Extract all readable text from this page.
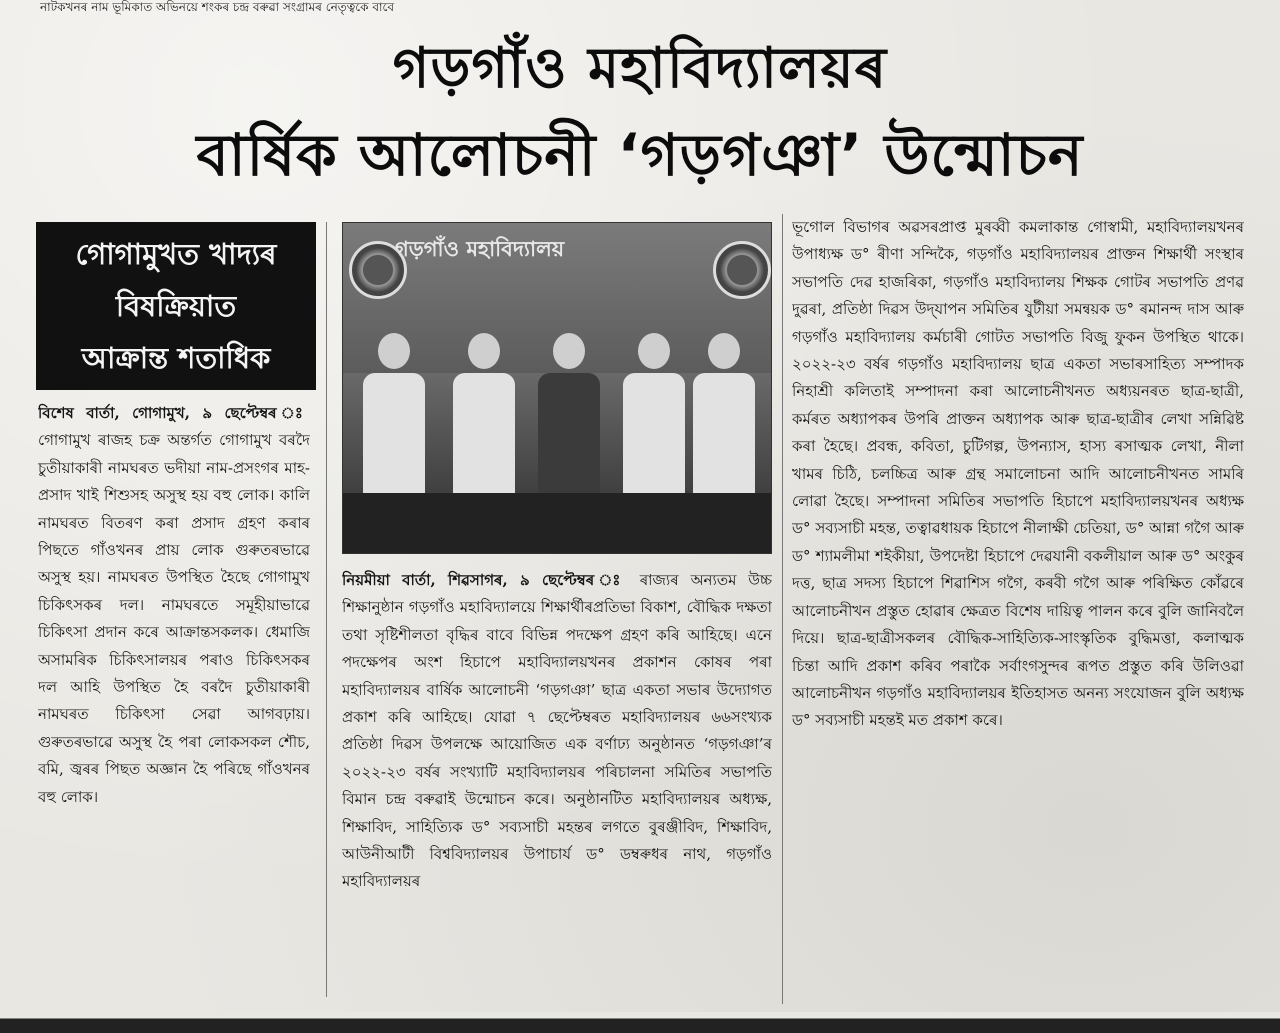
নাটকখনৰ নাম ভূমিকাত অভিনয়ে শংকৰ চন্দ্ৰ বৰুৱা সংগ্ৰামৰ নেতৃত্বকে বাবে
গড়গাঁও মহাবিদ্যালয়ৰ
বাৰ্ষিক আলোচনী ‘গড়গঞা’ উন্মোচন
গোগামুখত খাদ্যৰ
বিষক্ৰিয়াত
আক্ৰান্ত শতাধিক
বিশেষ বাৰ্তা, গোগামুখ, ৯ ছেপ্টেম্বৰ ঃ গোগামুখ ৰাজহ চক্ৰ অন্তৰ্গত গোগামুখ বৰদৈ চুতীয়াকাৰী নামঘৰত ভদীয়া নাম-প্ৰসংগৰ মাহ-প্ৰসাদ খাই শিশুসহ অসুস্থ হয় বহু লোক। কালি নামঘৰত বিতৰণ কৰা প্ৰসাদ গ্ৰহণ কৰাৰ পিছতে গাঁওখনৰ প্ৰায় লোক গুৰুতৰভাৱে অসুস্থ হয়। নামঘৰত উপস্থিত হৈছে গোগামুখ চিকিৎসকৰ দল। নামঘৰতে সমূহীয়াভাৱে চিকিৎসা প্ৰদান কৰে আক্ৰান্তসকলক। ধেমাজি অসামৰিক চিকিৎসালয়ৰ পৰাও চিকিৎসকৰ দল আহি উপস্থিত হৈ বৰদৈ চুতীয়াকাৰী নামঘৰত চিকিৎসা সেৱা আগবঢ়ায়। গুৰুতৰভাৱে অসুস্থ হৈ পৰা লোকসকল শৌচ, বমি, জ্বৰৰ পিছত অজ্ঞান হৈ পৰিছে গাঁওখনৰ বহু লোক।
গড়গাঁও মহাবিদ্যালয়
নিয়মীয়া বাৰ্তা, শিৱসাগৰ, ৯ ছেপ্টেম্বৰ ঃ ৰাজ্যৰ অন্যতম উচ্চ শিক্ষানুষ্ঠান গড়গাঁও মহাবিদ্যালয়ে শিক্ষাৰ্থীৰপ্ৰতিভা বিকাশ, বৌদ্ধিক দক্ষতা তথা সৃষ্টিশীলতা বৃদ্ধিৰ বাবে বিভিন্ন পদক্ষেপ গ্ৰহণ কৰি আহিছে। এনে পদক্ষেপৰ অংশ হিচাপে মহাবিদ্যালয়খনৰ প্ৰকাশন কোষৰ পৰা মহাবিদ্যালয়ৰ বাৰ্ষিক আলোচনী ‘গড়গঞা’ ছাত্ৰ একতা সভাৰ উদ্যোগত প্ৰকাশ কৰি আহিছে। যোৱা ৭ ছেপ্টেম্বৰত মহাবিদ্যালয়ৰ ৬৬সংখ্যক প্ৰতিষ্ঠা দিৱস উপলক্ষে আয়োজিত এক বৰ্ণাঢ্য অনুষ্ঠানত ‘গড়গঞা’ৰ ২০২২-২৩ বৰ্ষৰ সংখ্যাটি মহাবিদ্যালয়ৰ পৰিচালনা সমিতিৰ সভাপতি বিমান চন্দ্ৰ বৰুৱাই উন্মোচন কৰে। অনুষ্ঠানটিত মহাবিদ্যালয়ৰ অধ্যক্ষ, শিক্ষাবিদ, সাহিত্যিক ড° সব্যসাচী মহন্তৰ লগতে বুৰঞ্জীবিদ, শিক্ষাবিদ, আউনীআটী বিশ্ববিদ্যালয়ৰ উপাচাৰ্য ড° ডম্বৰুধৰ নাথ, গড়গাঁও মহাবিদ্যালয়ৰ
ভূগোল বিভাগৰ অৱসৰপ্ৰাপ্ত মুৰব্বী কমলাকান্ত গোস্বামী, মহাবিদ্যালয়খনৰ উপাধ্যক্ষ ড° ৰীণা সন্দিকৈ, গড়গাঁও মহাবিদ্যালয়ৰ প্ৰাক্তন শিক্ষাৰ্থী সংস্থাৰ সভাপতি দেৱ হাজৰিকা, গড়গাঁও মহাবিদ্যালয় শিক্ষক গোটৰ সভাপতি প্ৰণৱ দুৱৰা, প্ৰতিষ্ঠা দিৱস উদ্‌যাপন সমিতিৰ যুটীয়া সমন্বয়ক ড° ৰমানন্দ দাস আৰু গড়গাঁও মহাবিদ্যালয় কৰ্মচাৰী গোটত সভাপতি বিজু ফুকন উপস্থিত থাকে। ২০২২-২৩ বৰ্ষৰ গড়গাঁও মহাবিদ্যালয় ছাত্ৰ একতা সভাৰসাহিত্য সম্পাদক নিহাশ্ৰী কলিতাই সম্পাদনা কৰা আলোচনীখনত অধ্যয়নৰত ছাত্ৰ-ছাত্ৰী, কৰ্মৰত অধ্যাপকৰ উপৰি প্ৰাক্তন অধ্যাপক আৰু ছাত্ৰ-ছাত্ৰীৰ লেখা সন্নিৱিষ্ট কৰা হৈছে। প্ৰবন্ধ, কবিতা, চুটিগল্প, উপন্যাস, হাস্য ৰসাত্মক লেখা, নীলা খামৰ চিঠি, চলচ্চিত্ৰ আৰু গ্ৰন্থ সমালোচনা আদি আলোচনীখনত সামৰি লোৱা হৈছে। সম্পাদনা সমিতিৰ সভাপতি হিচাপে মহাবিদ্যালয়খনৰ অধ্যক্ষ ড° সব্যসাচী মহন্ত, তত্বাৱধায়ক হিচাপে নীলাক্ষী চেতিয়া, ড° আন্না গগৈ আৰু ড° শ্যামলীমা শইকীয়া, উপদেষ্টা হিচাপে দেৱযানী বকলীয়াল আৰু ড° অংকুৰ দত্ত, ছাত্ৰ সদস্য হিচাপে শিৱাশিস গগৈ, কৰবী গগৈ আৰু পৰিক্ষিত কোঁৱৰে আলোচনীখন প্ৰস্তুত হোৱাৰ ক্ষেত্ৰত বিশেষ দায়িত্ব পালন কৰে বুলি জানিবলৈ দিয়ে। ছাত্ৰ-ছাত্ৰীসকলৰ বৌদ্ধিক-সাহিত্যিক-সাংস্কৃতিক বুদ্ধিমত্তা, কলাত্মক চিন্তা আদি প্ৰকাশ কৰিব পৰাকৈ সৰ্বাংগসুন্দৰ ৰূপত প্ৰস্তুত কৰি উলিওৱা আলোচনীখন গড়গাঁও মহাবিদ্যালয়ৰ ইতিহাসত অনন্য সংযোজন বুলি অধ্যক্ষ ড° সব্যসাচী মহন্তই মত প্ৰকাশ কৰে।
